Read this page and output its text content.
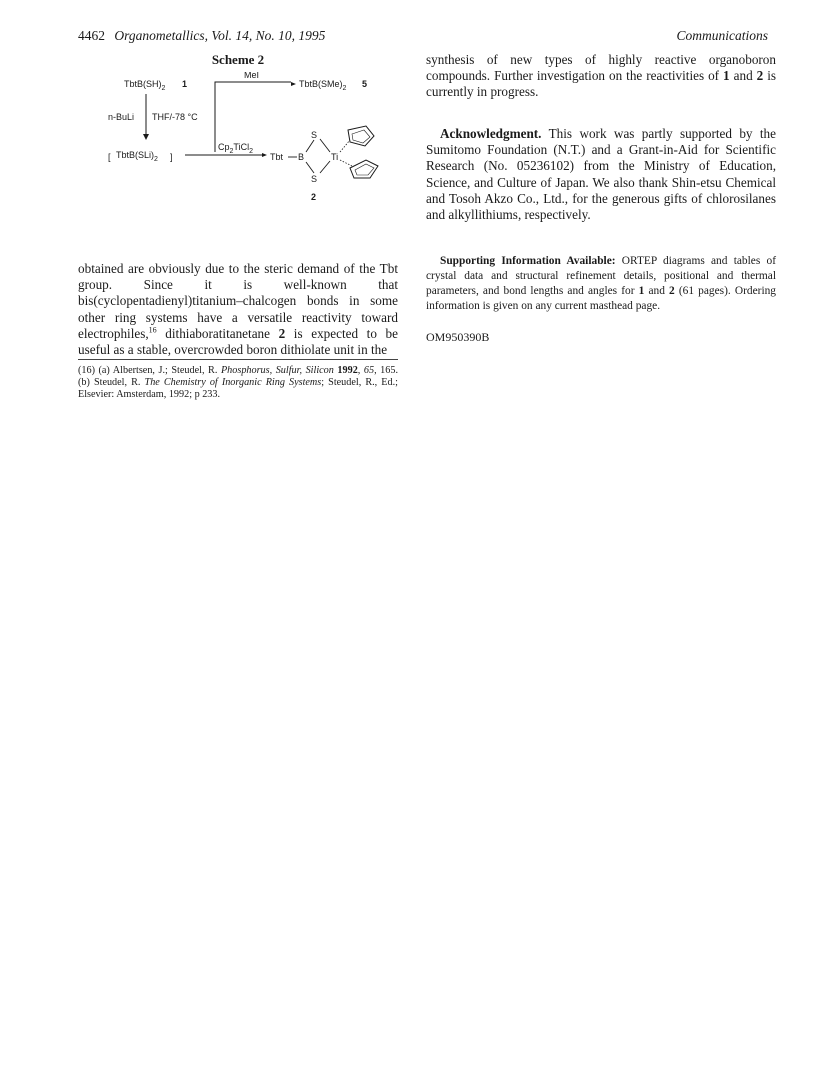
4462 Organometallics, Vol. 14, No. 10, 1995	Communications
Scheme 2
$TbtB(SH)_2$ 1
MeI
$TbtB(SMe)_2$ 5
n-BuLi THF/-78 °C
[ $TbtB(SLi)_2$ ]
$Cp_2TiCl_2$
Tbt B
S
S
Ti
2
obtained are obviously due to the steric demand of the Tbt group. Since it is well-known that bis(cyclopentadienyl)titanium–chalcogen bonds in some other ring systems have a versatile reactivity toward electrophiles,$^{16}$ dithiaboratitanetane 2 is expected to be useful as a stable, overcrowded boron dithiolate unit in the
(16) (a) Albertsen, J.; Steudel, R. Phosphorus, Sulfur, Silicon 1992, 65, 165. (b) Steudel, R. The Chemistry of Inorganic Ring Systems; Steudel, R., Ed.; Elsevier: Amsterdam, 1992; p 233.
synthesis of new types of highly reactive organoboron compounds. Further investigation on the reactivities of 1 and 2 is currently in progress.
Acknowledgment. This work was partly supported by the Sumitomo Foundation (N.T.) and a Grant-in-Aid for Scientific Research (No. 05236102) from the Ministry of Education, Science, and Culture of Japan. We also thank Shin-etsu Chemical and Tosoh Akzo Co., Ltd., for the generous gifts of chlorosilanes and alkyllithiums, respectively.
Supporting Information Available: ORTEP diagrams and tables of crystal data and structural refinement details, positional and thermal parameters, and bond lengths and angles for 1 and 2 (61 pages). Ordering information is given on any current masthead page.
OM950390B
